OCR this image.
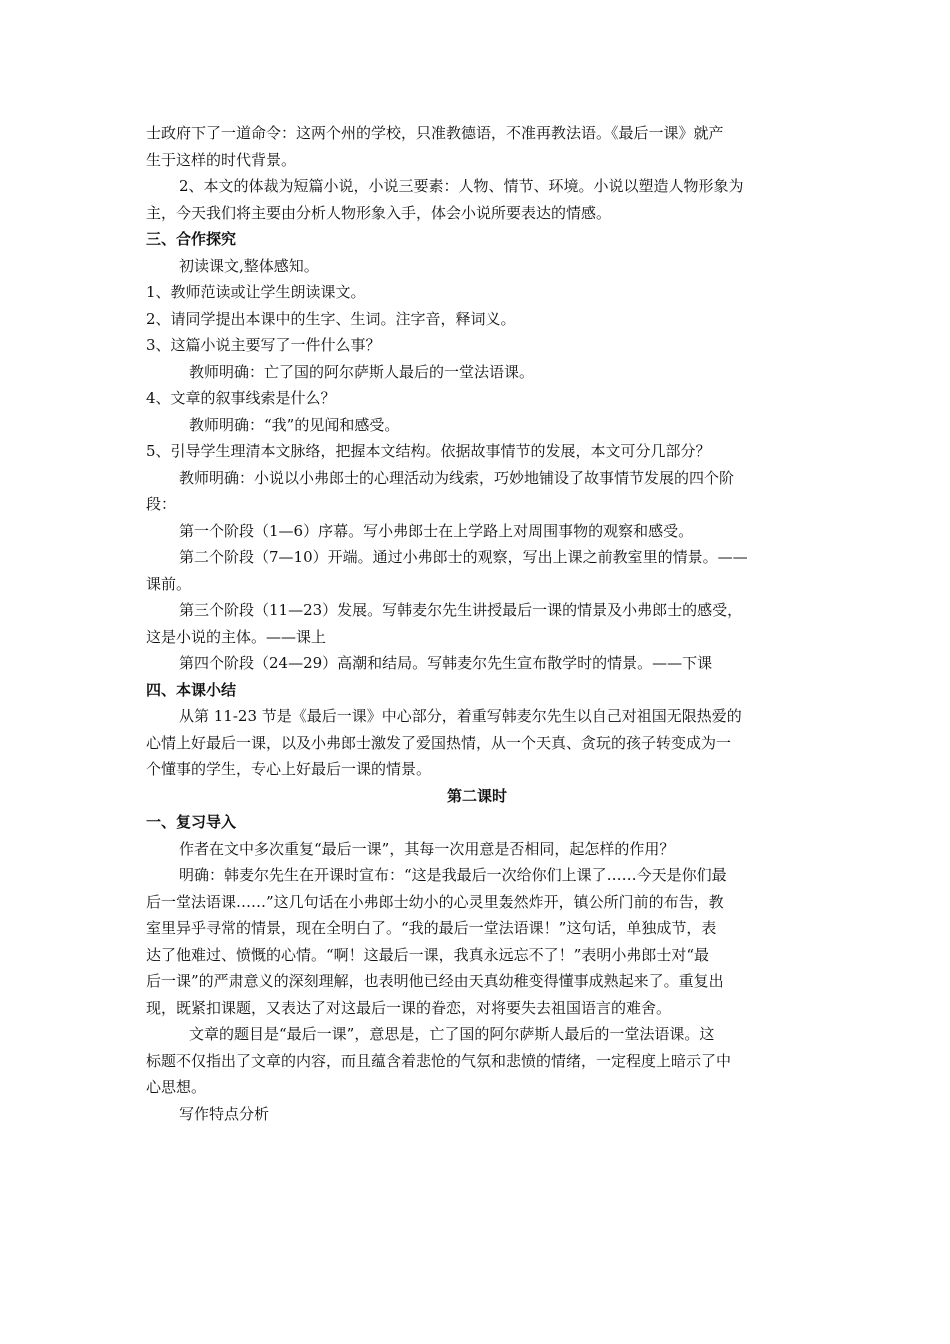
士政府下了一道命令：这两个州的学校，只准教德语，不准再教法语。《最后一课》就产

生于这样的时代背景。

2、本文的体裁为短篇小说，小说三要素：人物、情节、环境。小说以塑造人物形象为

主，今天我们将主要由分析人物形象入手，体会小说所要表达的情感。

三、合作探究

初读课文,整体感知。

1、教师范读或让学生朗读课文。

2、请同学提出本课中的生字、生词。注字音，释词义。

3、这篇小说主要写了一件什么事？

教师明确：亡了国的阿尔萨斯人最后的一堂法语课。

4、文章的叙事线索是什么？

教师明确：“我”的见闻和感受。

5、引导学生理清本文脉络，把握本文结构。依据故事情节的发展，本文可分几部分？

教师明确：小说以小弗郎士的心理活动为线索，巧妙地铺设了故事情节发展的四个阶

段：

第一个阶段（1—6）序幕。写小弗郎士在上学路上对周围事物的观察和感受。

第二个阶段（7—10）开端。通过小弗郎士的观察，写出上课之前教室里的情景。——

课前。

第三个阶段（11—23）发展。写韩麦尔先生讲授最后一课的情景及小弗郎士的感受，

这是小说的主体。——课上

第四个阶段（24—29）高潮和结局。写韩麦尔先生宣布散学时的情景。——下课

四、本课小结

从第 11-23 节是《最后一课》中心部分，着重写韩麦尔先生以自己对祖国无限热爱的

心情上好最后一课，以及小弗郎士激发了爱国热情，从一个天真、贪玩的孩子转变成为一

个懂事的学生，专心上好最后一课的情景。

第二课时

一、复习导入

作者在文中多次重复“最后一课”，其每一次用意是否相同，起怎样的作用？

明确：韩麦尔先生在开课时宣布：“这是我最后一次给你们上课了……今天是你们最

后一堂法语课……”这几句话在小弗郎士幼小的心灵里轰然炸开，镇公所门前的布告，教

室里异乎寻常的情景，现在全明白了。“我的最后一堂法语课！”这句话，单独成节，表

达了他难过、愤慨的心情。“啊！这最后一课，我真永远忘不了！”表明小弗郎士对“最

后一课”的严肃意义的深刻理解，也表明他已经由天真幼稚变得懂事成熟起来了。重复出

现，既紧扣课题，又表达了对这最后一课的眷恋，对将要失去祖国语言的难舍。

文章的题目是“最后一课”，意思是，亡了国的阿尔萨斯人最后的一堂法语课。这

标题不仅指出了文章的内容，而且蕴含着悲怆的气氛和悲愤的情绪，一定程度上暗示了中

心思想。

写作特点分析
